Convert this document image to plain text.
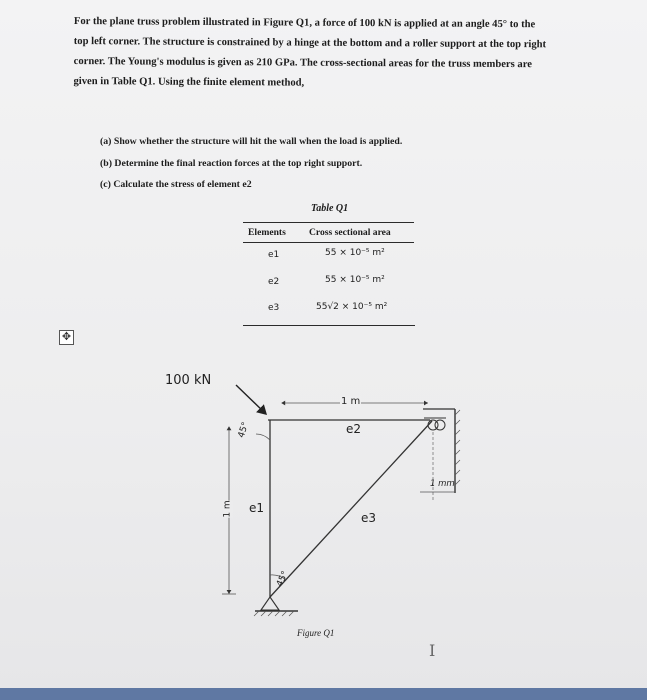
For the plane truss problem illustrated in Figure Q1, a force of 100 kN is applied at an angle 45° to the
top left corner. The structure is constrained by a hinge at the bottom and a roller support at the top right
corner. The Young's modulus is given as 210 GPa. The cross-sectional areas for the truss members are
given in Table Q1. Using the finite element method,
(a) Show whether the structure will hit the wall when the load is applied.
(b) Determine the final reaction forces at the top right support.
(c) Calculate the stress of element e2
Table Q1
Elements Cross sectional area
e1	55 × 10⁻⁵ m²
e2	55 × 10⁻⁵ m²
e3	55√2 × 10⁻⁵ m²
✥
100 kN
45°
45°
1 m
1 m
e2
e1
e3
1 mm
Figure Q1
I
